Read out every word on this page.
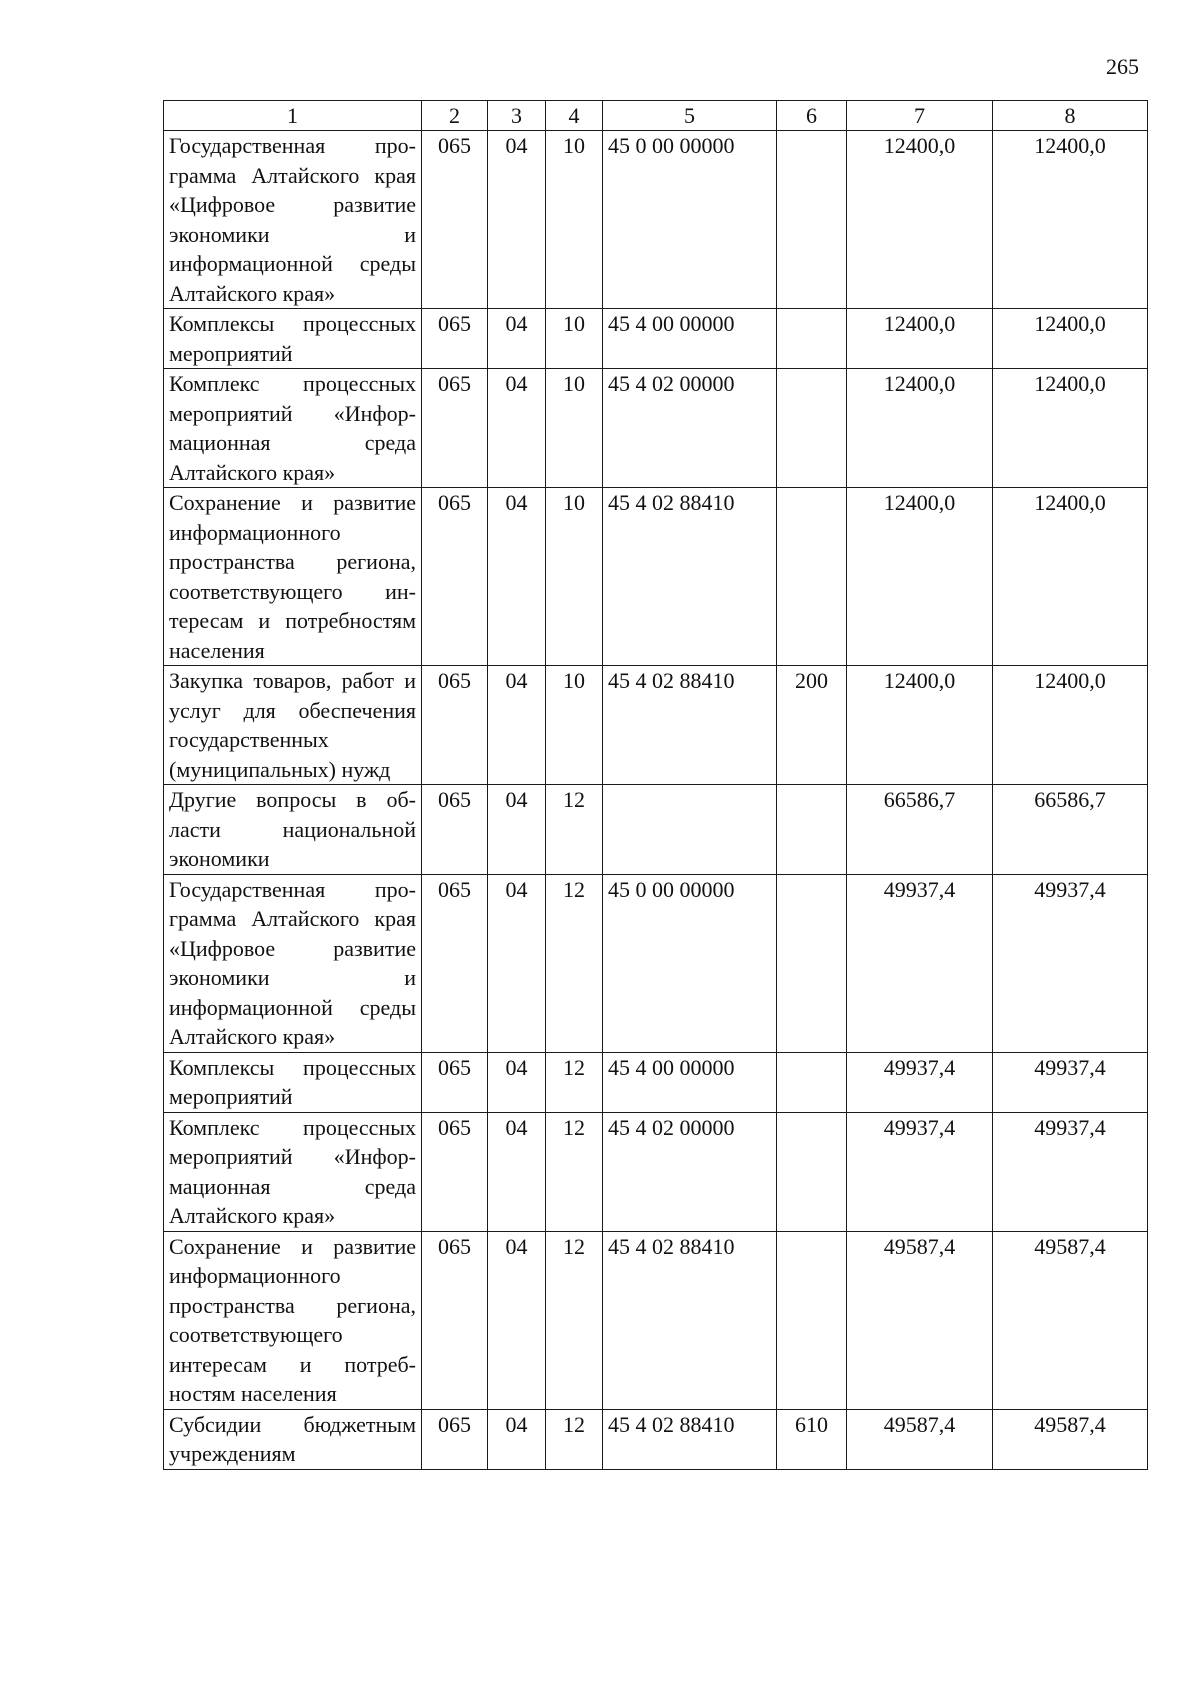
265
1	2	3	4	5	6	7	8
Государственная программа Алтайского края «Цифровое развитие экономики и информационной среды Алтайского края»	065	04	10	45 0 00 00000		12400,0	12400,0
Комплексы процессных мероприятий	065	04	10	45 4 00 00000		12400,0	12400,0
Комплекс процессных мероприятий «Информационная среда Алтайского края»	065	04	10	45 4 02 00000		12400,0	12400,0
Сохранение и развитие информационного пространства региона, соответствующего интересам и потребностям населения	065	04	10	45 4 02 88410		12400,0	12400,0
Закупка товаров, работ и услуг для обеспечения государственных (муниципальных) нужд	065	04	10	45 4 02 88410	200	12400,0	12400,0
Другие вопросы в области национальной экономики	065	04	12			66586,7	66586,7
Государственная программа Алтайского края «Цифровое развитие экономики и информационной среды Алтайского края»	065	04	12	45 0 00 00000		49937,4	49937,4
Комплексы процессных мероприятий	065	04	12	45 4 00 00000		49937,4	49937,4
Комплекс процессных мероприятий «Информационная среда Алтайского края»	065	04	12	45 4 02 00000		49937,4	49937,4
Сохранение и развитие информационного пространства региона, соответствующего интересам и потребностям населения	065	04	12	45 4 02 88410		49587,4	49587,4
Субсидии бюджетным учреждениям	065	04	12	45 4 02 88410	610	49587,4	49587,4
